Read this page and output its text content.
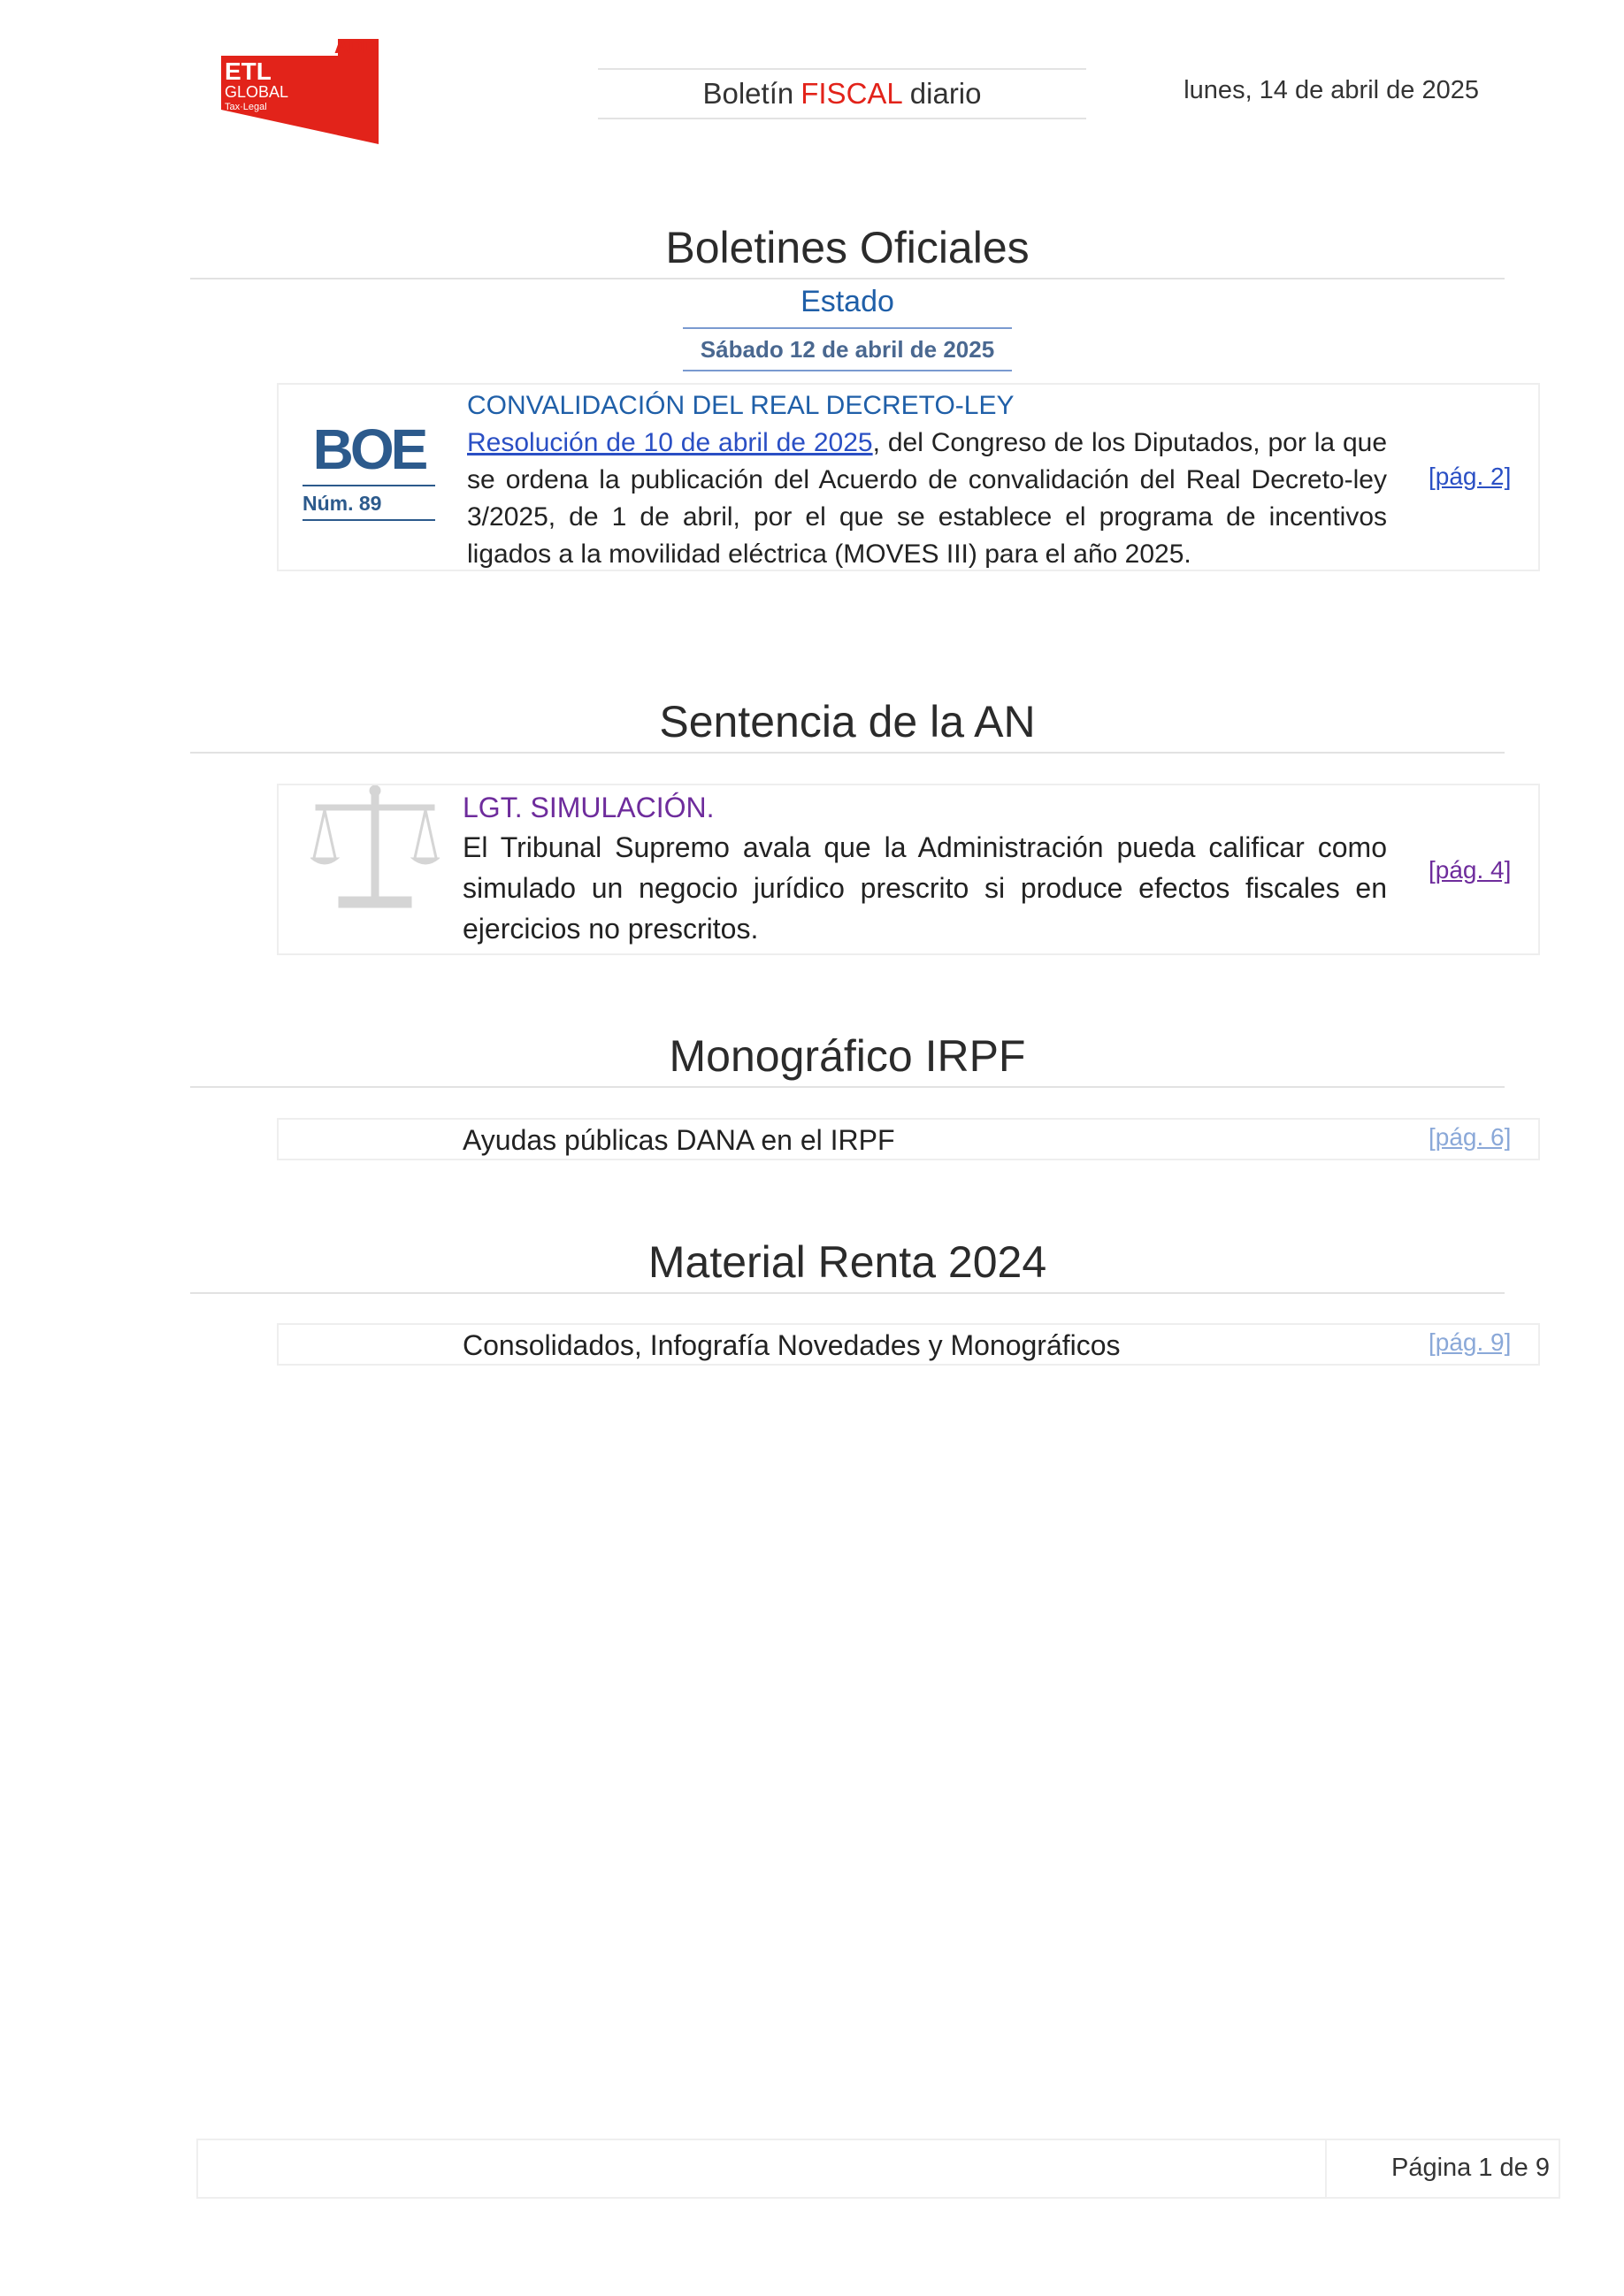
ADD
ETL
GLOBAL
Tax·Legal	Boletín FISCAL diario	lunes, 14 de abril de 2025
Boletines Oficiales
Estado
Sábado 12 de abril de 2025
BOE
Núm. 89
CONVALIDACIÓN DEL REAL DECRETO-LEY
Resolución de 10 de abril de 2025, del Congreso de los Diputados, por la que se ordena la publicación del Acuerdo de convalidación del Real Decreto-ley 3/2025, de 1 de abril, por el que se establece el programa de incentivos ligados a la movilidad eléctrica (MOVES III) para el año 2025.
[pág. 2]
Sentencia de la AN
LGT. SIMULACIÓN.
El Tribunal Supremo avala que la Administración pueda calificar como simulado un negocio jurídico prescrito si produce efectos fiscales en ejercicios no prescritos.
[pág. 4]
Monográfico IRPF
Ayudas públicas DANA en el IRPF	[pág. 6]
Material Renta 2024
Consolidados, Infografía Novedades y Monográficos	[pág. 9]
Página 1 de 9
